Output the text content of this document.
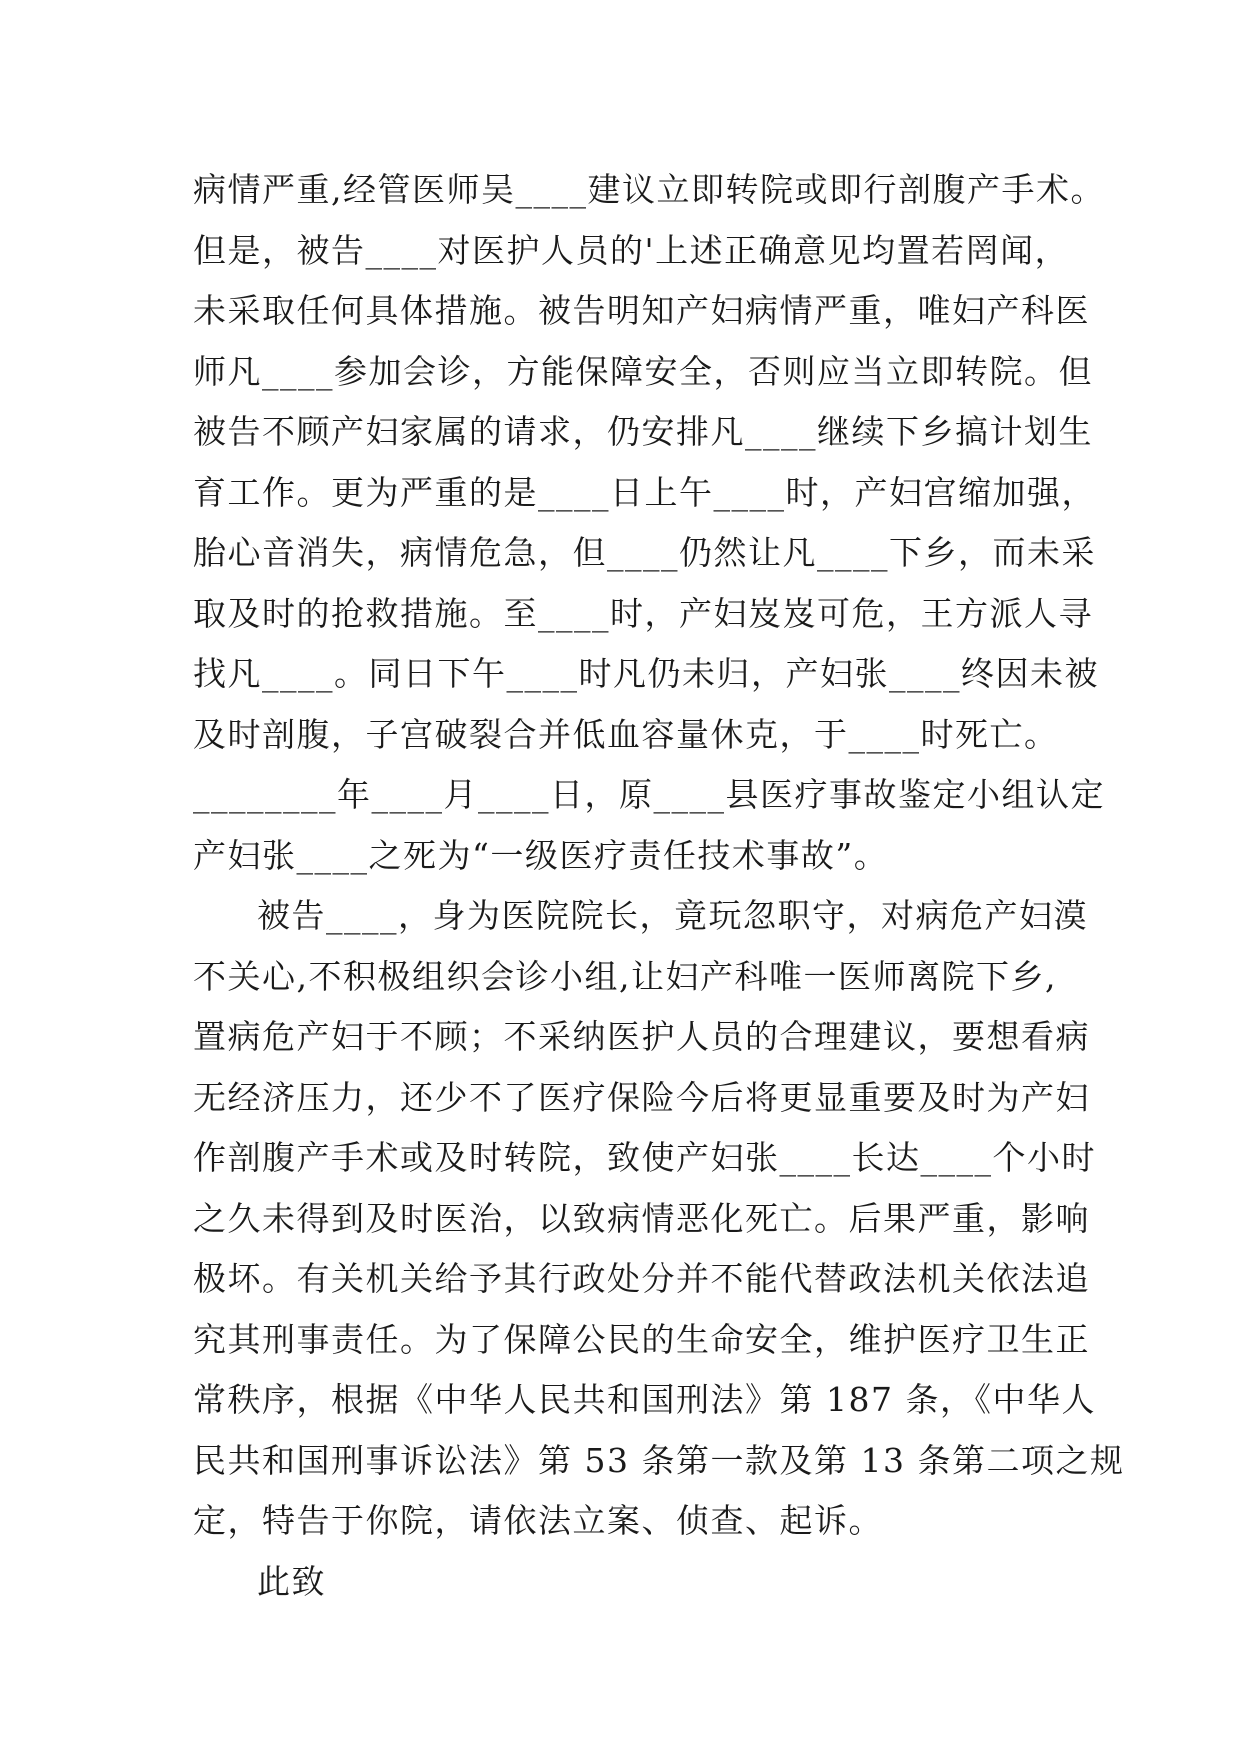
病情严重,经管医师吴____建议立即转院或即行剖腹产手术。
但是，被告____对医护人员的'上述正确意见均置若罔闻，
未采取任何具体措施。被告明知产妇病情严重，唯妇产科医
师凡____参加会诊，方能保障安全，否则应当立即转院。但
被告不顾产妇家属的请求，仍安排凡____继续下乡搞计划生
育工作。更为严重的是____日上午____时，产妇宫缩加强，
胎心音消失，病情危急，但____仍然让凡____下乡，而未采
取及时的抢救措施。至____时，产妇岌岌可危，王方派人寻
找凡____。同日下午____时凡仍未归，产妇张____终因未被
及时剖腹，子宫破裂合并低血容量休克，于____时死亡。
________年____月____日，原____县医疗事故鉴定小组认定
产妇张____之死为“一级医疗责任技术事故”。
被告____，身为医院院长，竟玩忽职守，对病危产妇漠
不关心,不积极组织会诊小组,让妇产科唯一医师离院下乡,
置病危产妇于不顾；不采纳医护人员的合理建议，要想看病
无经济压力，还少不了医疗保险今后将更显重要及时为产妇
作剖腹产手术或及时转院，致使产妇张____长达____个小时
之久未得到及时医治，以致病情恶化死亡。后果严重，影响
极坏。有关机关给予其行政处分并不能代替政法机关依法追
究其刑事责任。为了保障公民的生命安全，维护医疗卫生正
常秩序，根据《中华人民共和国刑法》第 187 条，《中华人
民共和国刑事诉讼法》第 53 条第一款及第 13 条第二项之规
定，特告于你院，请依法立案、侦查、起诉。
此致
